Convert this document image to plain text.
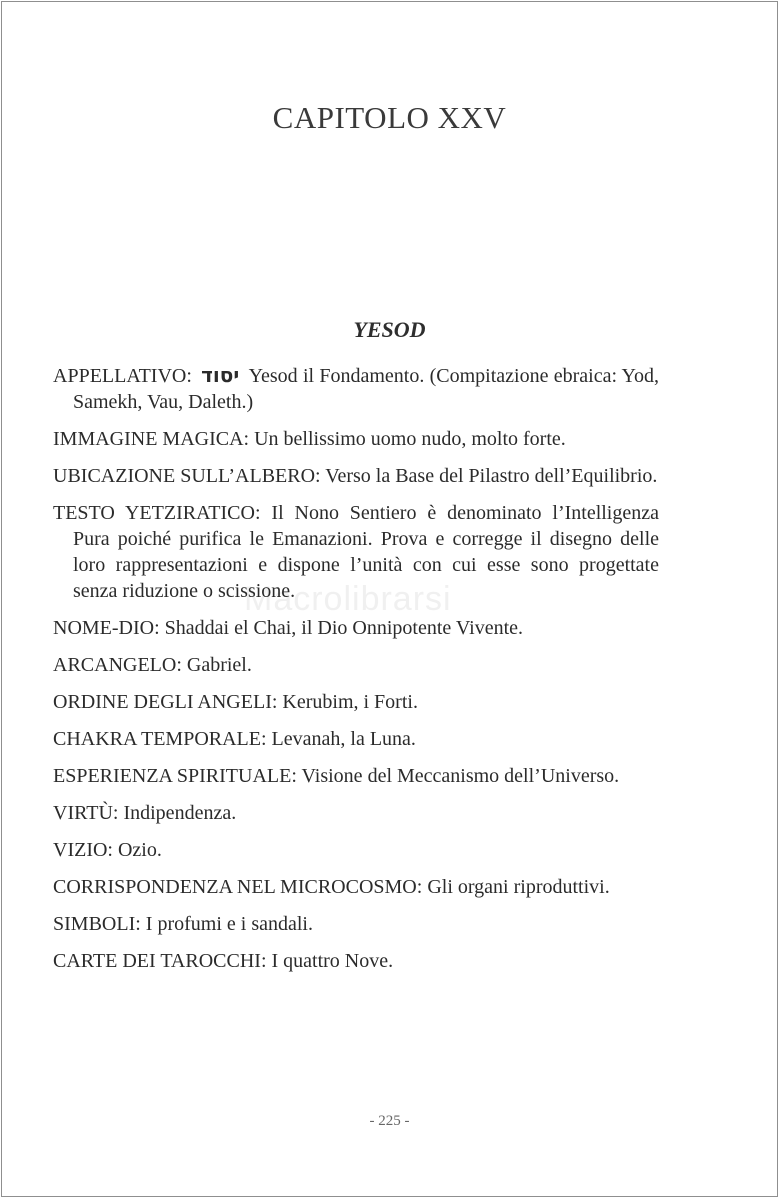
Macrolibrarsi
CAPITOLO XXV
YESOD

APPELLATIVO: יסוד Yesod il Fondamento. (Compitazione ebraica: Yod, Samekh, Vau, Daleth.)

IMMAGINE MAGICA: Un bellissimo uomo nudo, molto forte.

UBICAZIONE SULL’ALBERO: Verso la Base del Pilastro dell’Equilibrio.

TESTO YETZIRATICO: Il Nono Sentiero è denominato l’Intelligenza Pura poiché purifica le Emanazioni. Prova e corregge il disegno delle loro rappresentazioni e dispone l’unità con cui esse sono progettate senza riduzione o scissione.

NOME-DIO: Shaddai el Chai, il Dio Onnipotente Vivente.

ARCANGELO: Gabriel.

ORDINE DEGLI ANGELI: Kerubim, i Forti.

CHAKRA TEMPORALE: Levanah, la Luna.

ESPERIENZA SPIRITUALE: Visione del Meccanismo dell’Universo.

VIRTÙ: Indipendenza.

VIZIO: Ozio.

CORRISPONDENZA NEL MICROCOSMO: Gli organi riproduttivi.

SIMBOLI: I profumi e i sandali.

CARTE DEI TAROCCHI: I quattro Nove.

- 225 -
